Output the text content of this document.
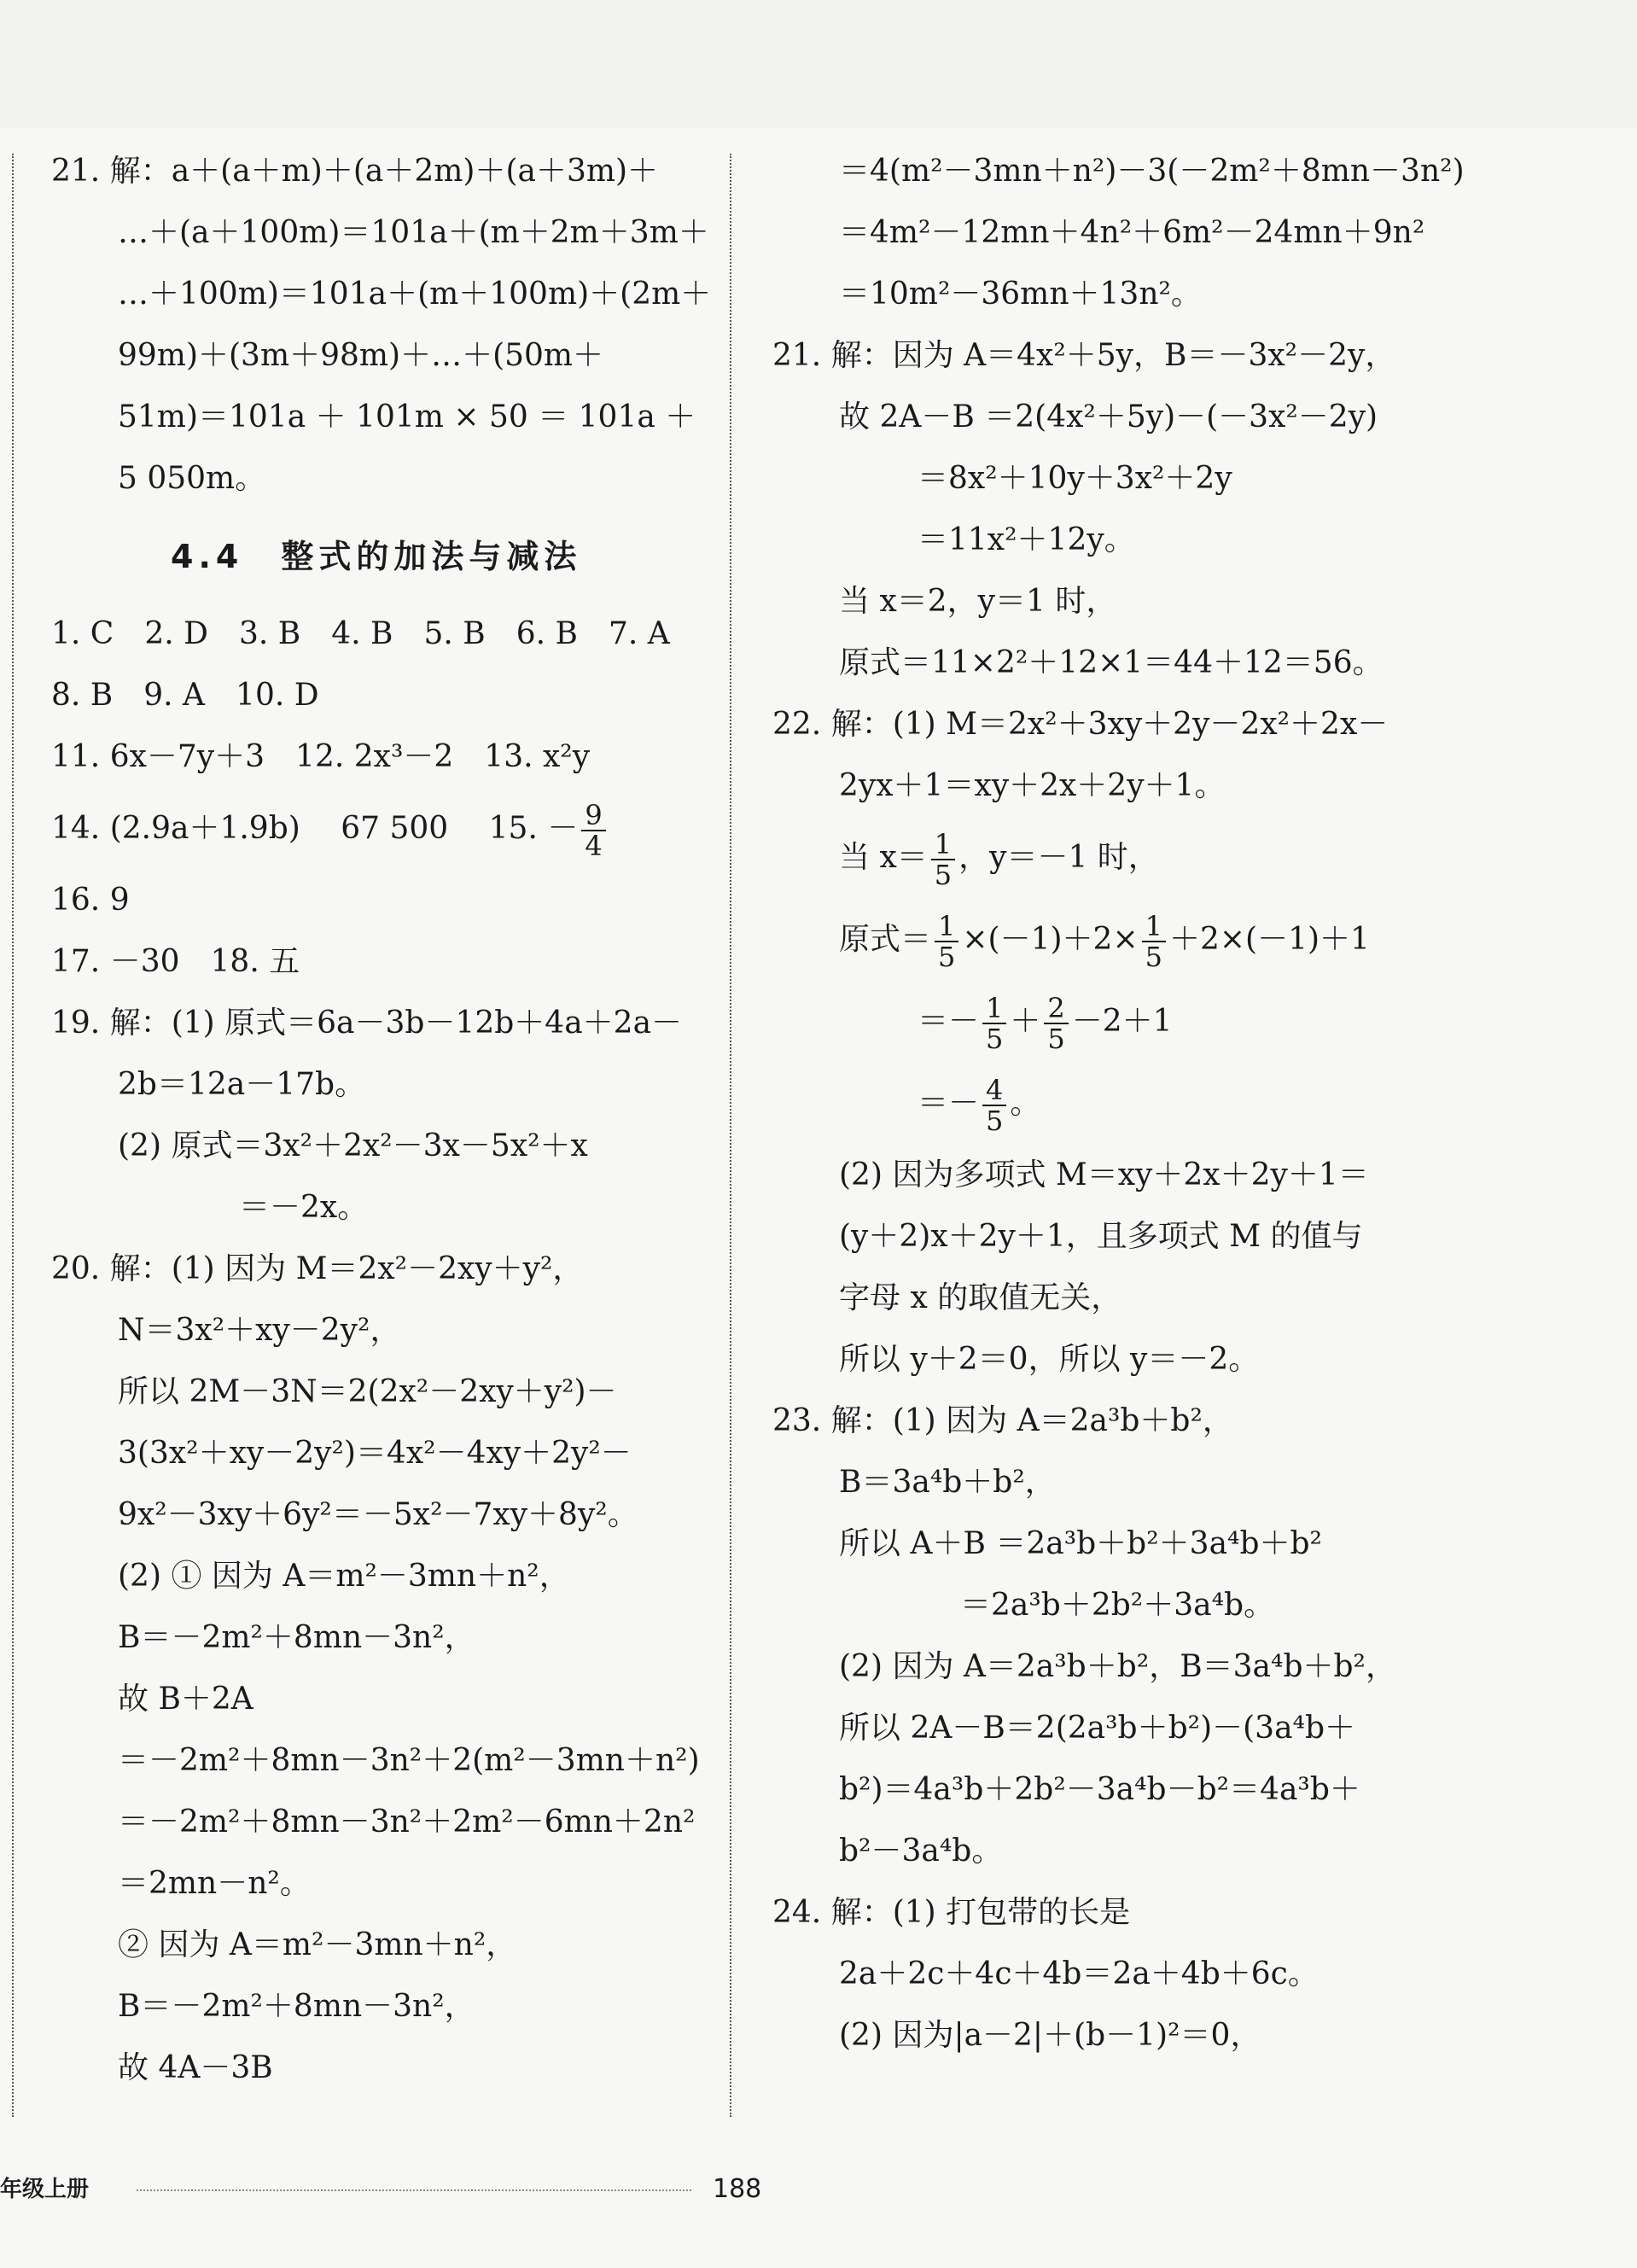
21. 解：a＋(a＋m)＋(a＋2m)＋(a＋3m)＋
…＋(a＋100m)＝101a＋(m＋2m＋3m＋
…＋100m)＝101a＋(m＋100m)＋(2m＋
99m)＋(3m＋98m)＋…＋(50m＋
51m)＝101a ＋ 101m × 50 ＝ 101a ＋
5 050m。
4.4　整式的加法与减法
1. C　2. D　3. B　4. B　5. B　6. B　7. A
8. B　9. A　10. D
11. 6x－7y＋3　12. 2x³－2　13. x²y
14. (2.9a＋1.9b)　 67 500　 15. － $\frac{9}{4}$
16. 9
17. －30　18. 五
19. 解：(1) 原式＝6a－3b－12b＋4a＋2a－
2b＝12a－17b。
(2) 原式＝3x²＋2x²－3x－5x²＋x
＝－2x。
20. 解：(1) 因为 M＝2x²－2xy＋y²，
N＝3x²＋xy－2y²，
所以 2M－3N＝2(2x²－2xy＋y²)－
3(3x²＋xy－2y²)＝4x²－4xy＋2y²－
9x²－3xy＋6y²＝－5x²－7xy＋8y²。
(2) ① 因为 A＝m²－3mn＋n²，
B＝－2m²＋8mn－3n²，
故 B＋2A
＝－2m²＋8mn－3n²＋2(m²－3mn＋n²)
＝－2m²＋8mn－3n²＋2m²－6mn＋2n²
＝2mn－n²。
② 因为 A＝m²－3mn＋n²，
B＝－2m²＋8mn－3n²，
故 4A－3B
＝4(m²－3mn＋n²)－3(－2m²＋8mn－3n²)
＝4m²－12mn＋4n²＋6m²－24mn＋9n²
＝10m²－36mn＋13n²。
21. 解：因为 A＝4x²＋5y，B＝－3x²－2y，
故 2A－B ＝2(4x²＋5y)－(－3x²－2y)
＝8x²＋10y＋3x²＋2y
＝11x²＋12y。
当 x＝2，y＝1 时，
原式＝11×2²＋12×1＝44＋12＝56。
22. 解：(1) M＝2x²＋3xy＋2y－2x²＋2x－
2yx＋1＝xy＋2x＋2y＋1。
当 $x= \frac{1}{5}$ ，y＝－1 时，
原式＝ $\frac{1}{5} \times(-1)+2\times \frac{1}{5} +2\times(-1)+1$
＝－ $\frac{1}{5} + \frac{2}{5} -2+1$
＝－ $\frac{4}{5}$ 。
(2) 因为多项式 M＝xy＋2x＋2y＋1＝
(y＋2)x＋2y＋1，且多项式 M 的值与
字母 x 的取值无关，
所以 y＋2＝0，所以 y＝－2。
23. 解：(1) 因为 A＝2a³b＋b²，
B＝3a⁴b＋b²，
所以 A＋B ＝2a³b＋b²＋3a⁴b＋b²
＝2a³b＋2b²＋3a⁴b。
(2) 因为 A＝2a³b＋b²，B＝3a⁴b＋b²，
所以 2A－B＝2(2a³b＋b²)－(3a⁴b＋
b²)＝4a³b＋2b²－3a⁴b－b²＝4a³b＋
b²－3a⁴b。
24. 解：(1) 打包带的长是
2a＋2c＋4c＋4b＝2a＋4b＋6c。
(2) 因为|a－2|＋(b－1)²＝0，
年级上册	188
